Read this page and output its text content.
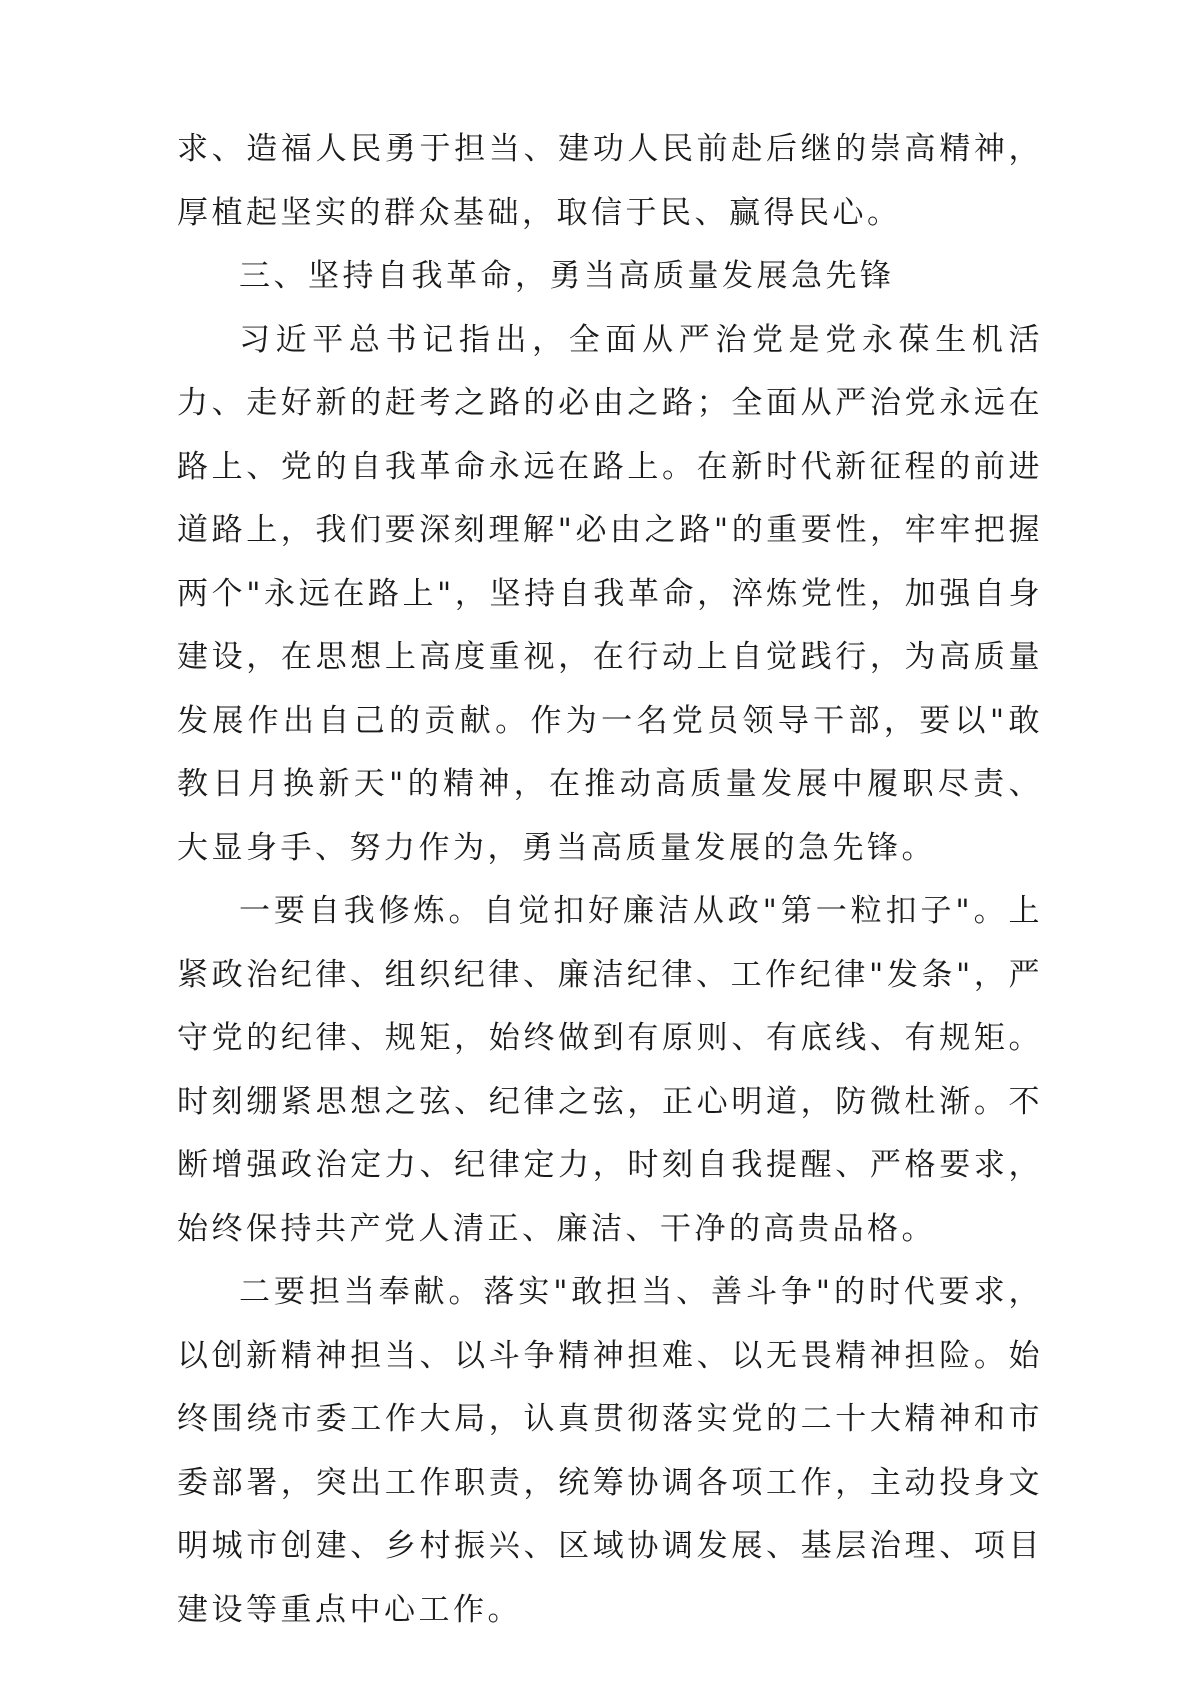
求、造福人民勇于担当、建功人民前赴后继的崇高精神，厚植起坚实的群众基础，取信于民、赢得民心。

三、坚持自我革命，勇当高质量发展急先锋

习近平总书记指出，全面从严治党是党永葆生机活力、走好新的赶考之路的必由之路；全面从严治党永远在路上、党的自我革命永远在路上。在新时代新征程的前进道路上，我们要深刻理解"必由之路"的重要性，牢牢把握两个"永远在路上"，坚持自我革命，淬炼党性，加强自身建设，在思想上高度重视，在行动上自觉践行，为高质量发展作出自己的贡献。作为一名党员领导干部，要以"敢教日月换新天"的精神，在推动高质量发展中履职尽责、大显身手、努力作为，勇当高质量发展的急先锋。

一要自我修炼。自觉扣好廉洁从政"第一粒扣子"。上紧政治纪律、组织纪律、廉洁纪律、工作纪律"发条"，严守党的纪律、规矩，始终做到有原则、有底线、有规矩。时刻绷紧思想之弦、纪律之弦，正心明道，防微杜渐。不断增强政治定力、纪律定力，时刻自我提醒、严格要求，始终保持共产党人清正、廉洁、干净的高贵品格。

二要担当奉献。落实"敢担当、善斗争"的时代要求，以创新精神担当、以斗争精神担难、以无畏精神担险。始终围绕市委工作大局，认真贯彻落实党的二十大精神和市委部署，突出工作职责，统筹协调各项工作，主动投身文明城市创建、乡村振兴、区域协调发展、基层治理、项目建设等重点中心工作。
